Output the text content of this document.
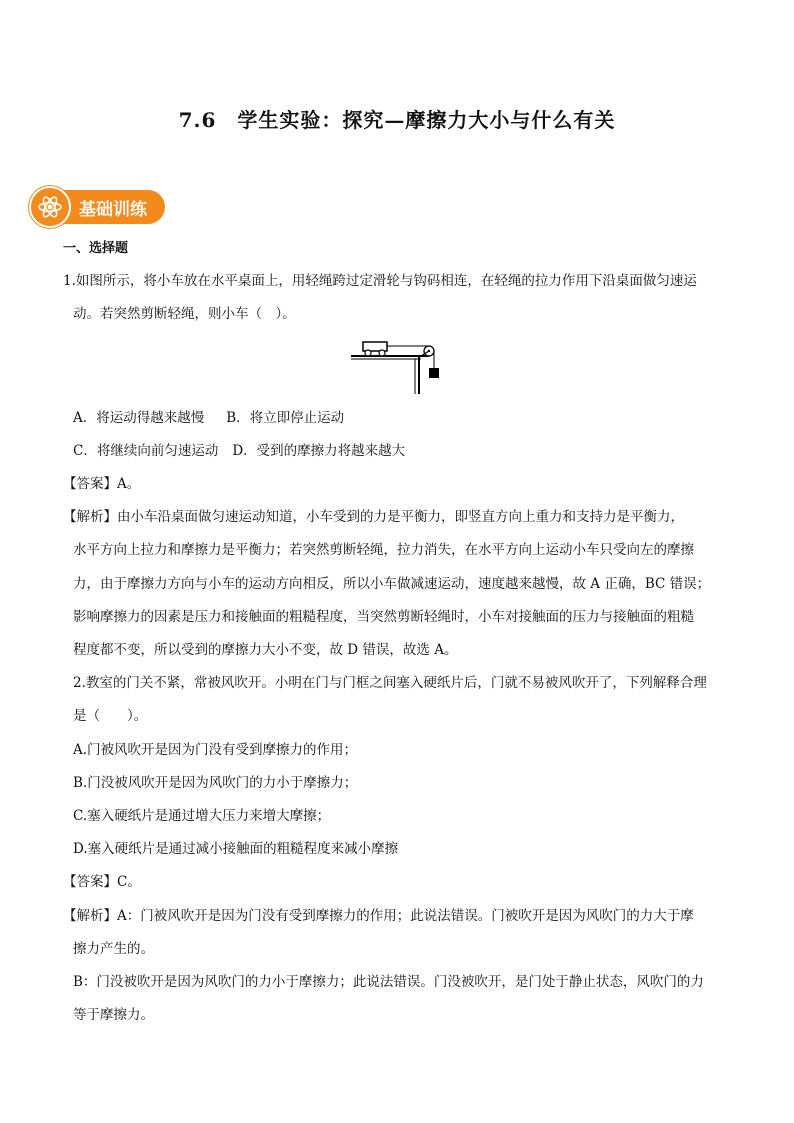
7.6　学生实验：探究—摩擦力大小与什么有关
基础训练
一、选择题
1.如图所示，将小车放在水平桌面上，用轻绳跨过定滑轮与钩码相连，在轻绳的拉力作用下沿桌面做匀速运
动。若突然剪断轻绳，则小车（　）。
A．将运动得越来越慢 B．将立即停止运动
C．将继续向前匀速运动 D．受到的摩擦力将越来越大
【答案】A。
【解析】由小车沿桌面做匀速运动知道，小车受到的力是平衡力，即竖直方向上重力和支持力是平衡力，
水平方向上拉力和摩擦力是平衡力；若突然剪断轻绳，拉力消失，在水平方向上运动小车只受向左的摩擦
力，由于摩擦力方向与小车的运动方向相反，所以小车做减速运动，速度越来越慢，故 A 正确，BC 错误；
影响摩擦力的因素是压力和接触面的粗糙程度，当突然剪断轻绳时，小车对接触面的压力与接触面的粗糙
程度都不变，所以受到的摩擦力大小不变，故 D 错误，故选 A。
2.教室的门关不紧，常被风吹开。小明在门与门框之间塞入硬纸片后，门就不易被风吹开了，下列解释合理
是（　　）。
A.门被风吹开是因为门没有受到摩擦力的作用；
B.门没被风吹开是因为风吹门的力小于摩擦力；
C.塞入硬纸片是通过增大压力来增大摩擦；
D.塞入硬纸片是通过减小接触面的粗糙程度来减小摩擦
【答案】C。
【解析】A：门被风吹开是因为门没有受到摩擦力的作用；此说法错误。门被吹开是因为风吹门的力大于摩
擦力产生的。
B：门没被吹开是因为风吹门的力小于摩擦力；此说法错误。门没被吹开，是门处于静止状态，风吹门的力
等于摩擦力。
